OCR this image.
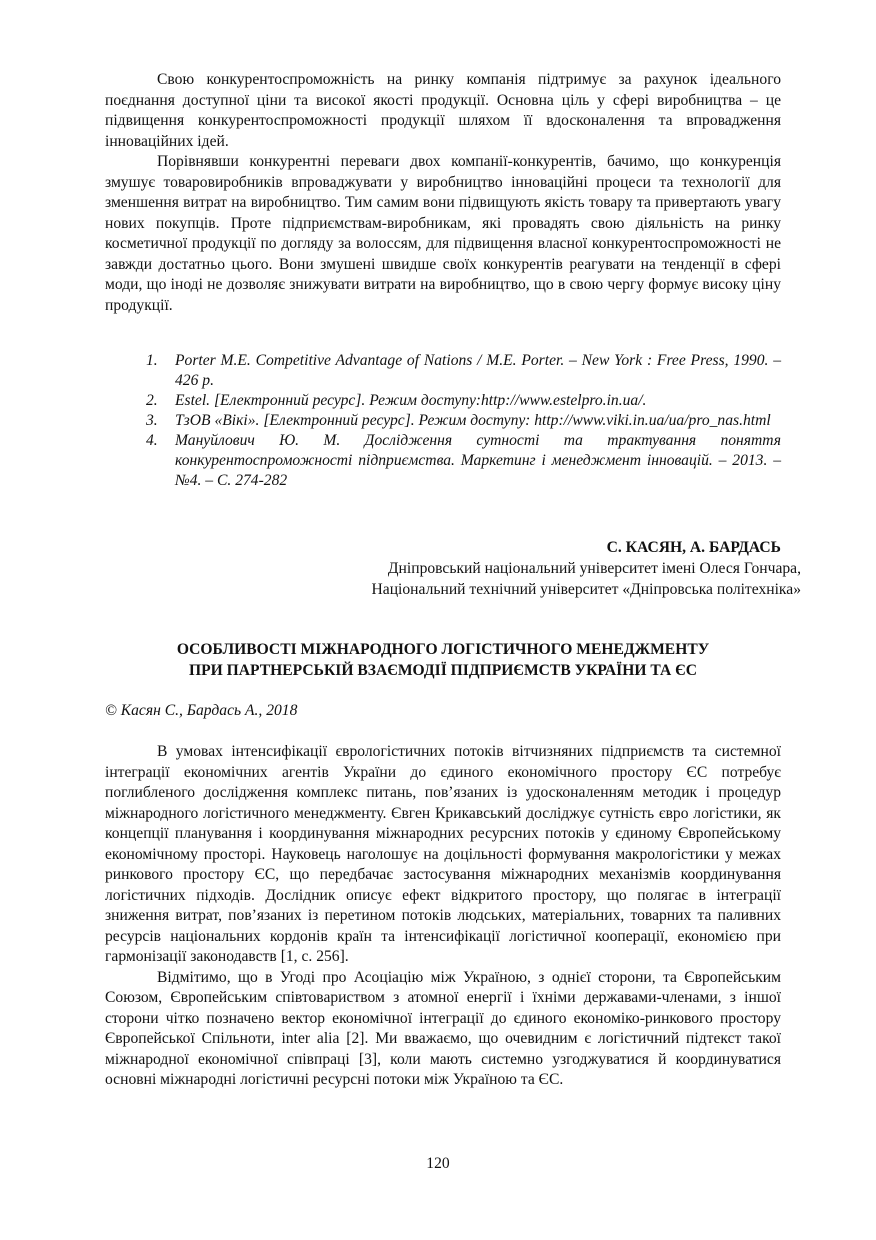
Свою конкурентоспроможність на ринку компанія підтримує за рахунок ідеального поєднання доступної ціни та високої якості продукції. Основна ціль у сфері виробництва – це підвищення конкурентоспроможності продукції шляхом її вдосконалення та впровадження інноваційних ідей.

Порівнявши конкурентні переваги двох компанії-конкурентів, бачимо, що конкуренція змушує товаровиробників впроваджувати у виробництво інноваційні процеси та технології для зменшення витрат на виробництво. Тим самим вони підвищують якість товару та привертають увагу нових покупців. Проте підприємствам-виробникам, які провадять свою діяльність на ринку косметичної продукції по догляду за волоссям, для підвищення власної конкурентоспроможності не завжди достатньо цього. Вони змушені швидше своїх конкурентів реагувати на тенденції в сфері моди, що іноді не дозволяє знижувати витрати на виробництво, що в свою чергу формує високу ціну продукції.

1. Porter M.E. Competitive Advantage of Nations / M.E. Porter. – New York : Free Press, 1990. – 426 p.
2. Estel. [Електронний ресурс]. Режим доступу:http://www.estelpro.in.ua/.
3. ТзОВ «Вікі». [Електронний ресурс]. Режим доступу: http://www.viki.in.ua/ua/pro_nas.html
4. Мануйлович Ю. М. Дослідження сутності та трактування поняття конкурентоспроможності підприємства. Маркетинг і менеджмент інновацій. – 2013. – №4. – С. 274-282
С. КАСЯН, А. БАРДАСЬ
Дніпровський національний університет імені Олеся Гончара,
Національний технічний університет «Дніпровська політехніка»
ОСОБЛИВОСТІ МІЖНАРОДНОГО ЛОГІСТИЧНОГО МЕНЕДЖМЕНТУ
ПРИ ПАРТНЕРСЬКІЙ ВЗАЄМОДІЇ ПІДПРИЄМСТВ УКРАЇНИ ТА ЄС
© Касян С., Бардась А., 2018

В умовах інтенсифікації єврологістичних потоків вітчизняних підприємств та системної інтеграції економічних агентів України до єдиного економічного простору ЄС потребує поглибленого дослідження комплекс питань, пов’язаних із удосконаленням методик і процедур міжнародного логістичного менеджменту. Євген Крикавський досліджує сутність євро логістики, як концепції планування і координування міжнародних ресурсних потоків у єдиному Європейському економічному просторі. Науковець наголошує на доцільності формування макрологістики у межах ринкового простору ЄС, що передбачає застосування міжнародних механізмів координування логістичних підходів. Дослідник описує ефект відкритого простору, що полягає в інтеграції зниження витрат, пов’язаних із перетином потоків людських, матеріальних, товарних та паливних ресурсів національних кордонів країн та інтенсифікації логістичної кооперації, економією при гармонізації законодавств [1, с. 256].

Відмітимо, що в Угоді про Асоціацію між Україною, з однієї сторони, та Європейським Союзом, Європейським співтовариством з атомної енергії і їхніми державами-членами, з іншої сторони чітко позначено вектор економічної інтеграції до єдиного економіко-ринкового простору Європейської Спільноти, inter alia [2]. Ми вважаємо, що очевидним є логістичний підтекст такої міжнародної економічної співпраці [3], коли мають системно узгоджуватися й координуватися основні міжнародні логістичні ресурсні потоки між Україною та ЄС.

120
